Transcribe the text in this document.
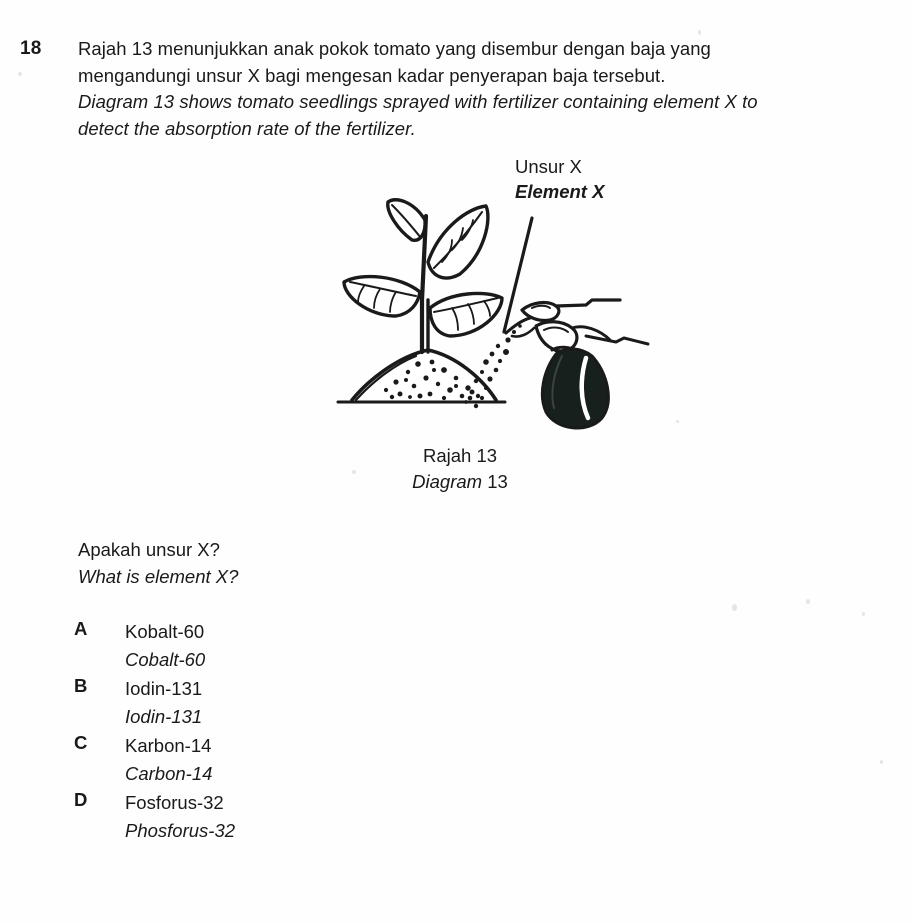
18 Rajah 13 menunjukkan anak pokok tomato yang disembur dengan baja yang mengandungi unsur X bagi mengesan kadar penyerapan baja tersebut.
Diagram 13 shows tomato seedlings sprayed with fertilizer containing element X to detect the absorption rate of the fertilizer.
Unsur X
Element X
Rajah 13
Diagram 13
Apakah unsur X?
What is element X?
A	Kobalt-60
Cobalt-60
B	Iodin-131
Iodin-131
C	Karbon-14
Carbon-14
D	Fosforus-32
Phosforus-32
